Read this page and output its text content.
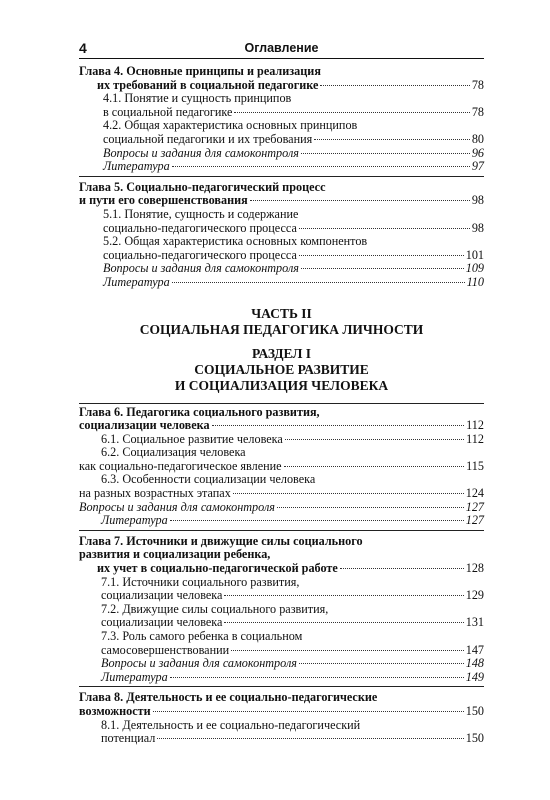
4	Оглавление
Глава 4. Основные принципы и реализация
их требований в социальной педагогике	78
4.1. Понятие и сущность принципов
в социальной педагогике	78
4.2. Общая характеристика основных принципов
социальной педагогики и их требования	80
Вопросы и задания для самоконтроля	96
Литература	97
Глава 5. Социально-педагогический процесс
и пути его совершенствования	98
5.1. Понятие, сущность и содержание
социально-педагогического процесса	98
5.2. Общая характеристика основных компонентов
социально-педагогического процесса	101
Вопросы и задания для самоконтроля	109
Литература	110
ЧАСТЬ II
СОЦИАЛЬНАЯ ПЕДАГОГИКА ЛИЧНОСТИ
РАЗДЕЛ I
СОЦИАЛЬНОЕ РАЗВИТИЕ
И СОЦИАЛИЗАЦИЯ ЧЕЛОВЕКА
Глава 6. Педагогика социального развития,
социализации человека	112
6.1. Социальное развитие человека	112
6.2. Социализация человека
как социально-педагогическое явление	115
6.3. Особенности социализации человека
на разных возрастных этапах	124
Вопросы и задания для самоконтроля	127
Литература	127
Глава 7. Источники и движущие силы социального
развития и социализации ребенка,
их учет в социально-педагогической работе	128
7.1. Источники социального развития,
социализации человека	129
7.2. Движущие силы социального развития,
социализации человека	131
7.3. Роль самого ребенка в социальном
самосовершенствовании	147
Вопросы и задания для самоконтроля	148
Литература	149
Глава 8. Деятельность и ее социально-педагогические
возможности	150
8.1. Деятельность и ее социально-педагогический
потенциал	150
